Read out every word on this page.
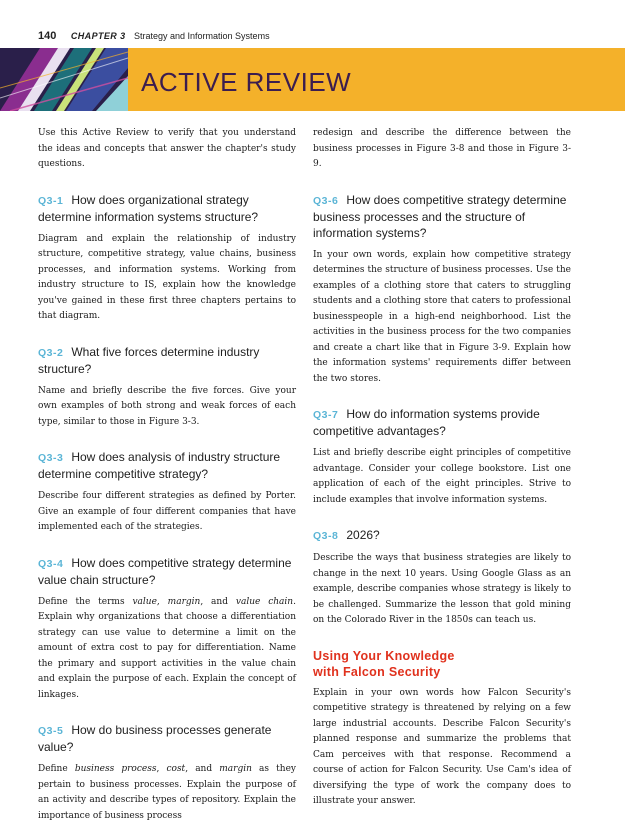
140 CHAPTER 3 Strategy and Information Systems
ACTIVE REVIEW

Use this Active Review to verify that you understand the ideas and concepts that answer the chapter's study questions.

Q3-1 How does organizational strategy determine information systems structure?

Diagram and explain the relationship of industry structure, competitive strategy, value chains, business processes, and information systems. Working from industry structure to IS, explain how the knowledge you've gained in these first three chapters pertains to that diagram.

Q3-2 What five forces determine industry structure?

Name and briefly describe the five forces. Give your own examples of both strong and weak forces of each type, similar to those in Figure 3-3.

Q3-3 How does analysis of industry structure determine competitive strategy?

Describe four different strategies as defined by Porter. Give an example of four different companies that have implemented each of the strategies.

Q3-4 How does competitive strategy determine value chain structure?

Define the terms value, margin, and value chain. Explain why organizations that choose a differentiation strategy can use value to determine a limit on the amount of extra cost to pay for differentiation. Name the primary and support activities in the value chain and explain the purpose of each. Explain the concept of linkages.

Q3-5 How do business processes generate value?

Define business process, cost, and margin as they pertain to business processes. Explain the purpose of an activity and describe types of repository. Explain the importance of business process

redesign and describe the difference between the business processes in Figure 3-8 and those in Figure 3-9.

Q3-6 How does competitive strategy determine business processes and the structure of information systems?

In your own words, explain how competitive strategy determines the structure of business processes. Use the examples of a clothing store that caters to struggling students and a clothing store that caters to professional businesspeople in a high-end neighborhood. List the activities in the business process for the two companies and create a chart like that in Figure 3-9. Explain how the information systems' requirements differ between the two stores.

Q3-7 How do information systems provide competitive advantages?

List and briefly describe eight principles of competitive advantage. Consider your college bookstore. List one application of each of the eight principles. Strive to include examples that involve information systems.

Q3-8 2026?

Describe the ways that business strategies are likely to change in the next 10 years. Using Google Glass as an example, describe companies whose strategy is likely to be challenged. Summarize the lesson that gold mining on the Colorado River in the 1850s can teach us.

Using Your Knowledge
with Falcon Security

Explain in your own words how Falcon Security's competitive strategy is threatened by relying on a few large industrial accounts. Describe Falcon Security's planned response and summarize the problems that Cam perceives with that response. Recommend a course of action for Falcon Security. Use Cam's idea of diversifying the type of work the company does to illustrate your answer.
